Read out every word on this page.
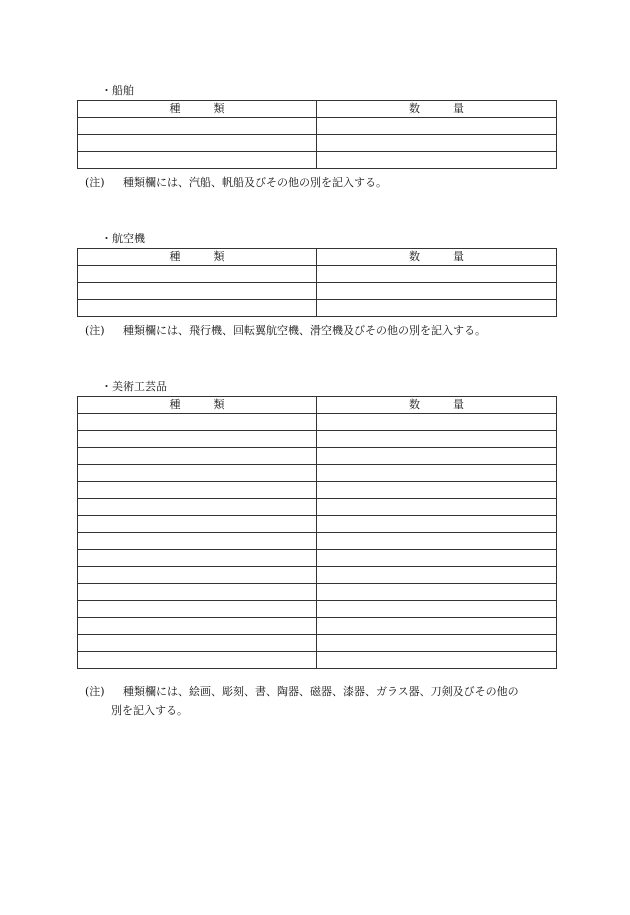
・船舶
種　　　類	数　　　量

(注) 種類欄には、汽船、帆船及びその他の別を記入する。
・航空機
種　　　類	数　　　量

(注) 種類欄には、飛行機、回転翼航空機、滑空機及びその他の別を記入する。
・美術工芸品
種　　　類	数　　　量

(注) 種類欄には、絵画、彫刻、書、陶器、磁器、漆器、ガラス器、刀剣及びその他の
別を記入する。
